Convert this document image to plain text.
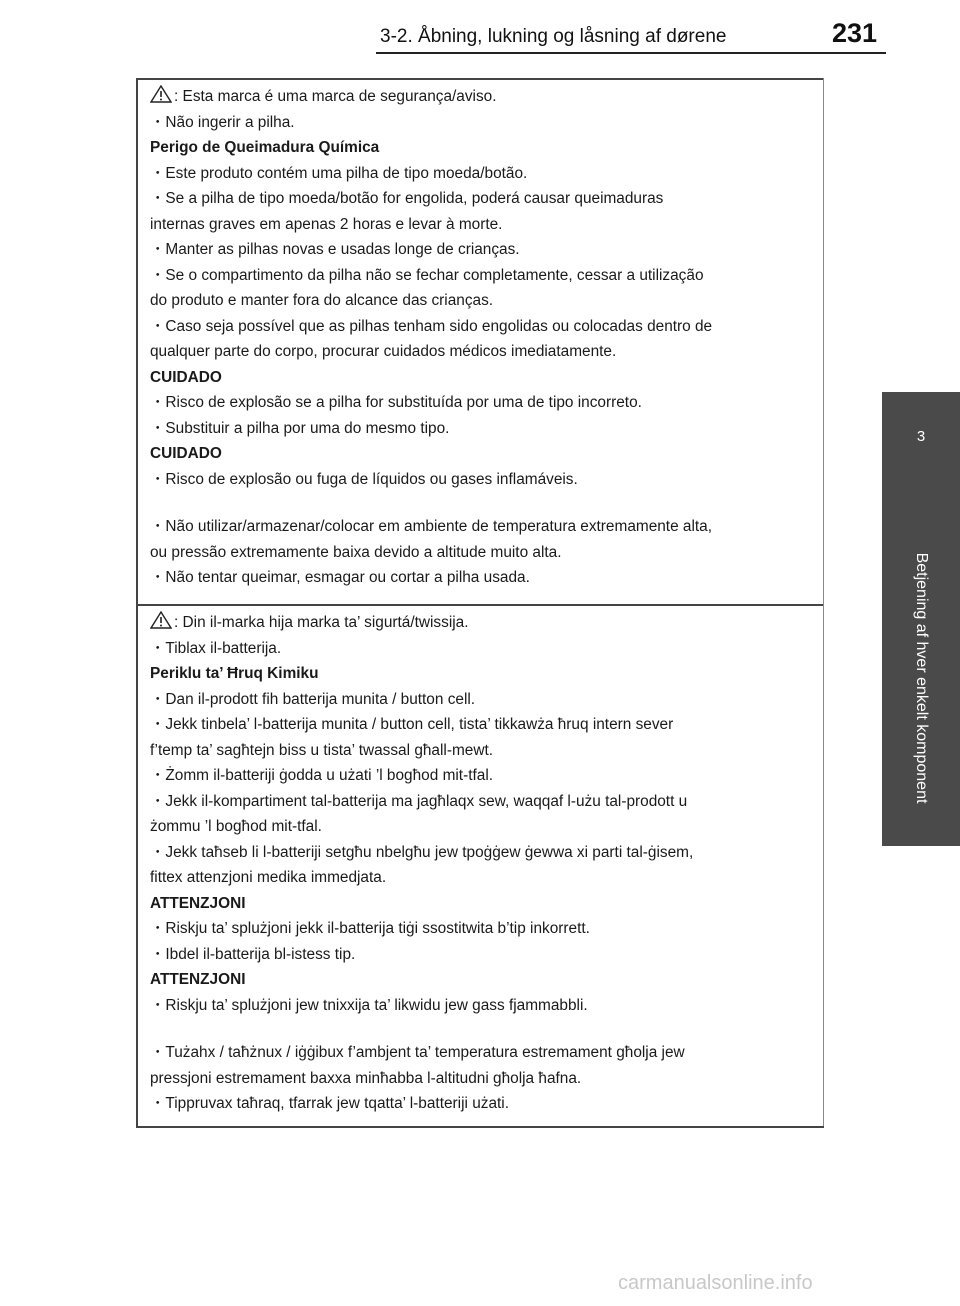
3-2. Åbning, lukning og låsning af dørene	231
3
Betjening af hver enkelt komponent
: Esta marca é uma marca de segurança/aviso.
・Não ingerir a pilha.
Perigo de Queimadura Química
・Este produto contém uma pilha de tipo moeda/botão.
・Se a pilha de tipo moeda/botão for engolida, poderá causar queimaduras
internas graves em apenas 2 horas e levar à morte.
・Manter as pilhas novas e usadas longe de crianças.
・Se o compartimento da pilha não se fechar completamente, cessar a utilização
do produto e manter fora do alcance das crianças.
・Caso seja possível que as pilhas tenham sido engolidas ou colocadas dentro de
qualquer parte do corpo, procurar cuidados médicos imediatamente.
CUIDADO
・Risco de explosão se a pilha for substituída por uma de tipo incorreto.
・Substituir a pilha por uma do mesmo tipo.
CUIDADO
・Risco de explosão ou fuga de líquidos ou gases inflamáveis.
・Não utilizar/armazenar/colocar em ambiente de temperatura extremamente alta,
ou pressão extremamente baixa devido a altitude muito alta.
・Não tentar queimar, esmagar ou cortar a pilha usada.
: Din il-marka hija marka ta’ sigurtá/twissija.
・Tiblax il-batterija.
Periklu ta’ Ħruq Kimiku
・Dan il-prodott fih batterija munita / button cell.
・Jekk tinbela’ l-batterija munita / button cell, tista’ tikkawża ħruq intern sever
f’temp ta’ sagħtejn biss u tista’ twassal għall-mewt.
・Żomm il-batteriji ġodda u użati ’l bogħod mit-tfal.
・Jekk il-kompartiment tal-batterija ma jagħlaqx sew, waqqaf l-użu tal-prodott u
żommu ’l bogħod mit-tfal.
・Jekk taħseb li l-batteriji setgħu nbelgħu jew tpoġġew ġewwa xi parti tal-ġisem,
fittex attenzjoni medika immedjata.
ATTENZJONI
・Riskju ta’ splużjoni jekk il-batterija tiġi ssostitwita b’tip inkorrett.
・Ibdel il-batterija bl-istess tip.
ATTENZJONI
・Riskju ta’ splużjoni jew tnixxija ta’ likwidu jew gass fjammabbli.
・Tużahx / taħżnux / iġġibux f’ambjent ta’ temperatura estremament għolja jew
pressjoni estremament baxxa minħabba l-altitudni għolja ħafna.
・Tippruvax taħraq, tfarrak jew tqatta’ l-batteriji użati.
carmanualsonline.info
